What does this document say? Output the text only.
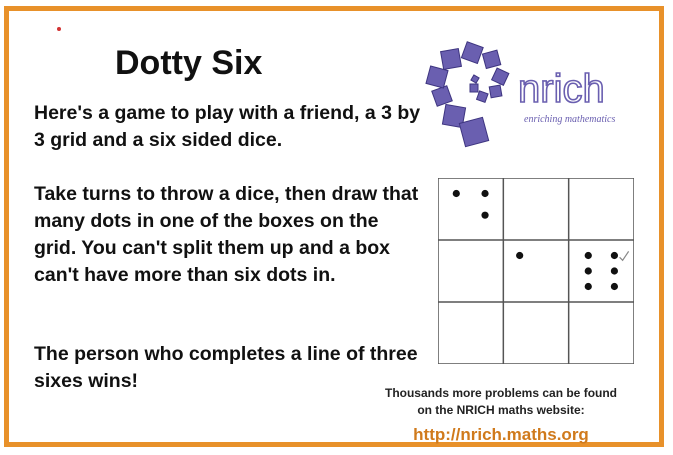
Dotty Six

Here's a game to play with a friend, a 3 by 3 grid and a six sided dice.

Take turns to throw a dice, then draw that many dots in one of the boxes on the grid. You can't split them up and a box can't have more than six dots in.

The person who completes a line of three sixes wins!

nrich
enriching mathematics
Thousands more problems can be found
on the NRICH maths website:
http://nrich.maths.org
